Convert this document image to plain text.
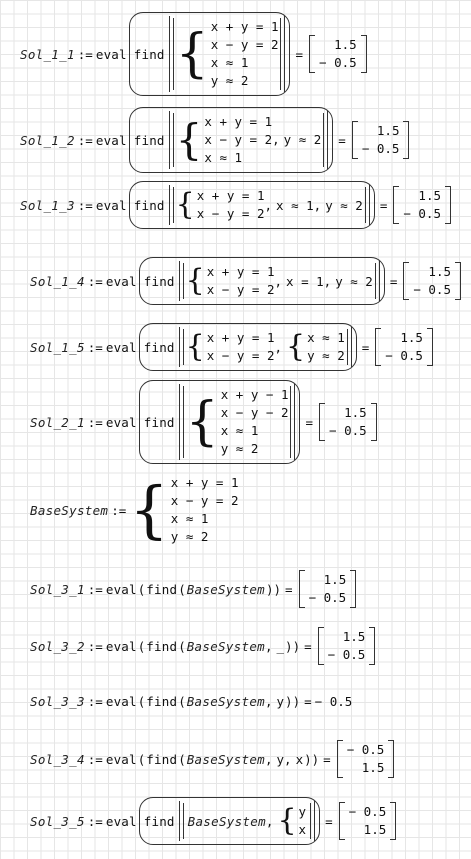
Sol_1_1 := eval find { x + y = 1
x − y = 2
x ≈ 1
y ≈ 2
=
1.5
− 0.5
Sol_1_2 := eval find { x + y = 1
x − y = 2, y ≈ 2
x ≈ 1
=
1.5
− 0.5
Sol_1_3 := eval find { x + y = 1
x − y = 2
, x ≈ 1 , y ≈ 2 =
1.5
− 0.5
Sol_1_4 := eval find { x + y = 1
x − y = 2
, x = 1 , y ≈ 2 =
1.5
− 0.5
Sol_1_5 := eval find { x + y = 1
x − y = 2
, { x ≈ 1
y ≈ 2
=
1.5
− 0.5
Sol_2_1 := eval find { x + y − 1
x − y − 2
x ≈ 1
y ≈ 2
=
1.5
− 0.5
BaseSystem := { x + y = 1
x − y = 2
x ≈ 1
y ≈ 2
Sol_3_1 := eval ( find ( BaseSystem )) =
1.5
− 0.5
Sol_3_2 := eval ( find ( BaseSystem , _ )) =
1.5
− 0.5
Sol_3_3 := eval ( find ( BaseSystem , y )) = − 0.5
Sol_3_4 := eval ( find ( BaseSystem , y , x )) =
− 0.5
1.5
Sol_3_5 := eval find BaseSystem , { y
x
=
− 0.5
1.5
